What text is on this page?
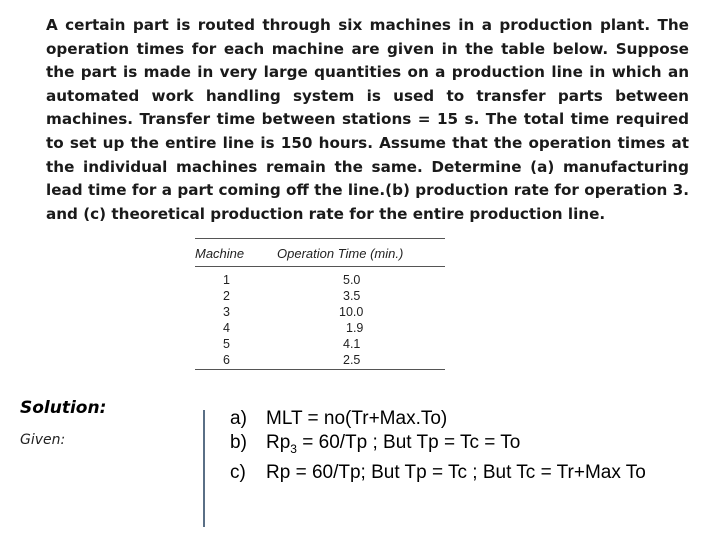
A certain part is routed through six machines in a production plant. The operation times for each machine are given in the table below. Suppose the part is made in very large quantities on a production line in which an automated work handling system is used to transfer parts between machines. Transfer time between stations = 15 s. The total time required to set up the entire line is 150 hours. Assume that the operation times at the individual machines remain the same. Determine (a) manufacturing lead time for a part coming off the line.(b) production rate for operation 3. and (c) theoretical production rate for the entire production line.

Machine	Operation Time (min.)
1	5.0
2	3.5
3	10.0
4	1.9
5	4.1
6	2.5

Solution:

Given:

a) MLT = no(Tr+Max.To)
b) $Rp_3 = 60/Tp$ ; But Tp = Tc = To
c) Rp = 60/Tp; But Tp = Tc ; But Tc = Tr+Max To
